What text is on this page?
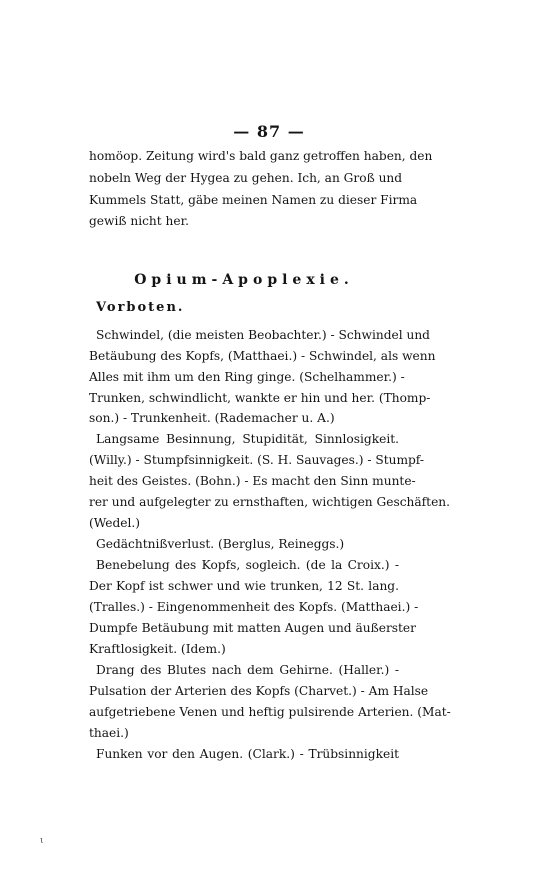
— 87 —
homöop. Zeitung wird's bald ganz getroffen haben, den
nobeln Weg der Hygea zu gehen. Ich, an Groß und
Kummels Statt, gäbe meinen Namen zu dieser Firma
gewiß nicht her.
Opium-Apoplexie.
Vorboten.
Schwindel, (die meisten Beobachter.) - Schwindel und
Betäubung des Kopfs, (Matthaei.) - Schwindel, als wenn
Alles mit ihm um den Ring ginge. (Schelhammer.) -
Trunken, schwindlicht, wankte er hin und her. (Thomp-
son.) - Trunkenheit. (Rademacher u. A.)
Langsame Besinnung, Stupidität, Sinnlosigkeit.
(Willy.) - Stumpfsinnigkeit. (S. H. Sauvages.) - Stumpf-
heit des Geistes. (Bohn.) - Es macht den Sinn munte-
rer und aufgelegter zu ernsthaften, wichtigen Geschäften.
(Wedel.)
Gedächtnißverlust. (Berglus, Reineggs.)
Benebelung des Kopfs, sogleich. (de la Croix.) -
Der Kopf ist schwer und wie trunken, 12 St. lang.
(Tralles.) - Eingenommenheit des Kopfs. (Matthaei.) -
Dumpfe Betäubung mit matten Augen und äußerster
Kraftlosigkeit. (Idem.)
Drang des Blutes nach dem Gehirne. (Haller.) -
Pulsation der Arterien des Kopfs (Charvet.) - Am Halse
aufgetriebene Venen und heftig pulsirende Arterien. (Mat-
thaei.)
Funken vor den Augen. (Clark.) - Trübsinnigkeit
ι
